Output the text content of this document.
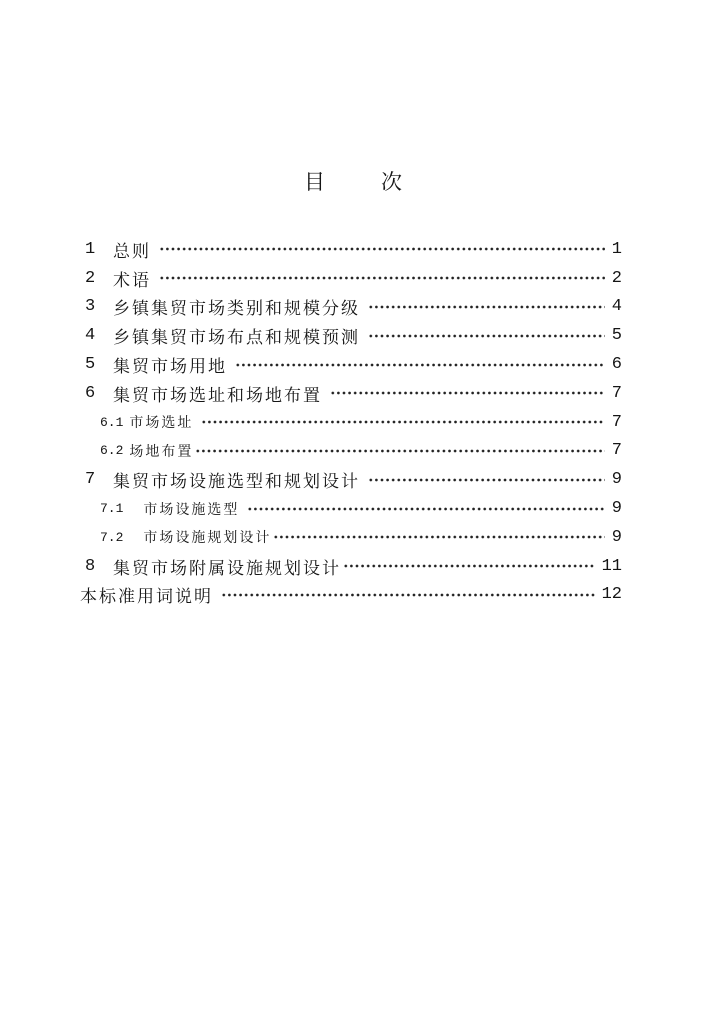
目次
1	总则	1
2	术语	2
3	乡镇集贸市场类别和规模分级	4
4	乡镇集贸市场布点和规模预测	5
5	集贸市场用地	6
6	集贸市场选址和场地布置	7
6.1 市场选址	7
6.2 场地布置	7
7	集贸市场设施选型和规划设计	9
7.1 市场设施选型	9
7.2 市场设施规划设计	9
8	集贸市场附属设施规划设计	11
本标准用词说明	12
